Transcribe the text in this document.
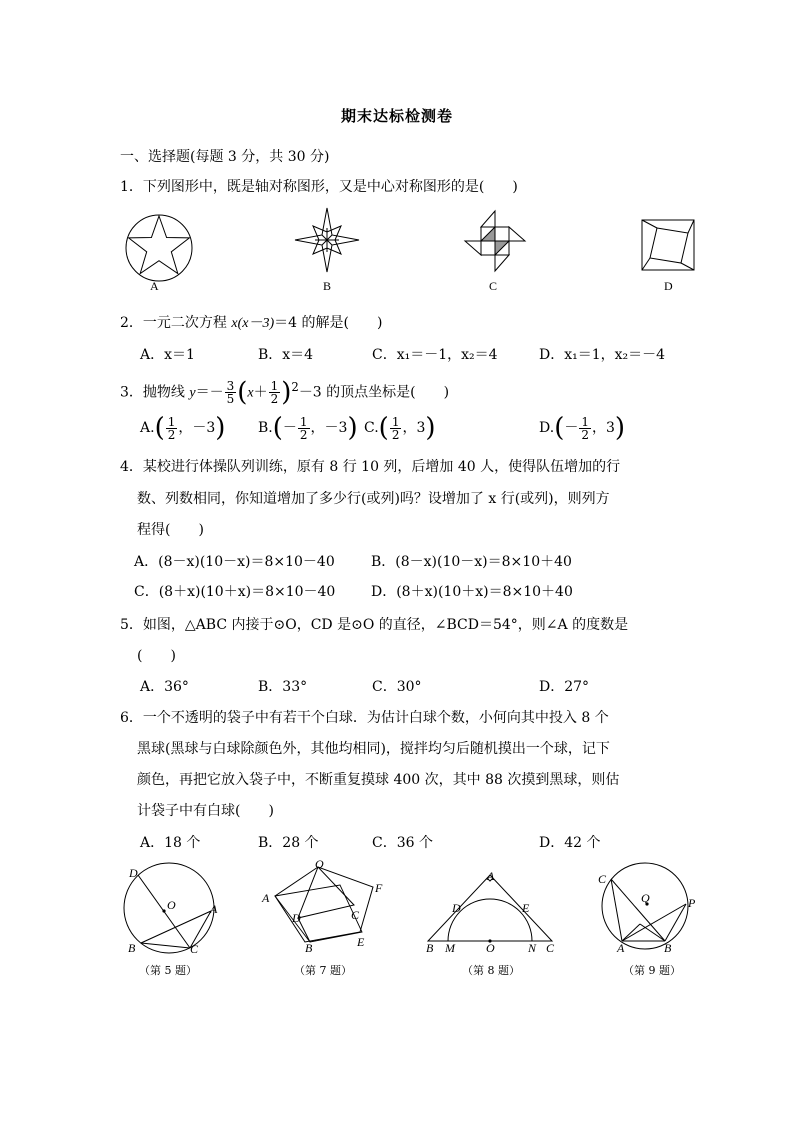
期末达标检测卷
一、选择题(每题 3 分，共 30 分)
1．下列图形中，既是轴对称图形，又是中心对称图形的是(　　)
A	B	C	D
2．一元二次方程 x(x－3)＝4 的解是(　　)
A．x＝1	B．x＝4	C．x₁＝－1，x₂＝4	D．x₁＝1，x₂＝－4
3．抛物线 $y=- \frac{3}{5} (x+ \frac{1}{2} )^2-3$ 的顶点坐标是(　　)
$A.( \frac{1}{2}$ ，－3) $B.(- \frac{1}{2}$ ，－3) $C.( \frac{1}{2}$ ，3)	$D.(- \frac{1}{2}$ ，3)
4．某校进行体操队列训练，原有 8 行 10 列，后增加 40 人，使得队伍增加的行
数、列数相同，你知道增加了多少行(或列)吗？设增加了 x 行(或列)，则列方
程得(　　)
A．(8－x)(10－x)＝8×10－40	B．(8－x)(10－x)＝8×10＋40
C．(8＋x)(10＋x)＝8×10－40	D．(8＋x)(10＋x)＝8×10＋40
5．如图，△ABC 内接于⊙O，CD 是⊙O 的直径，∠BCD＝54°，则∠A 的度数是
(　　)
A．36°	B．33°	C．30°	D．27°
6．一个不透明的袋子中有若干个白球．为估计白球个数，小何向其中投入 8 个
黑球(黑球与白球除颜色外，其他均相同)，搅拌均匀后随机摸出一个球，记下
颜色，再把它放入袋子中，不断重复摸球 400 次，其中 88 次摸到黑球，则估
计袋子中有白球(　　)
A．18 个	B．28 个	C．36 个	D．42 个
D
O	A
B	C
（第 5 题）
O
A
F
D	C
B	E
（第 7 题）
A
D	E
B M	O	N C
（第 8 题）
C
Q	P
A	B
（第 9 题）
